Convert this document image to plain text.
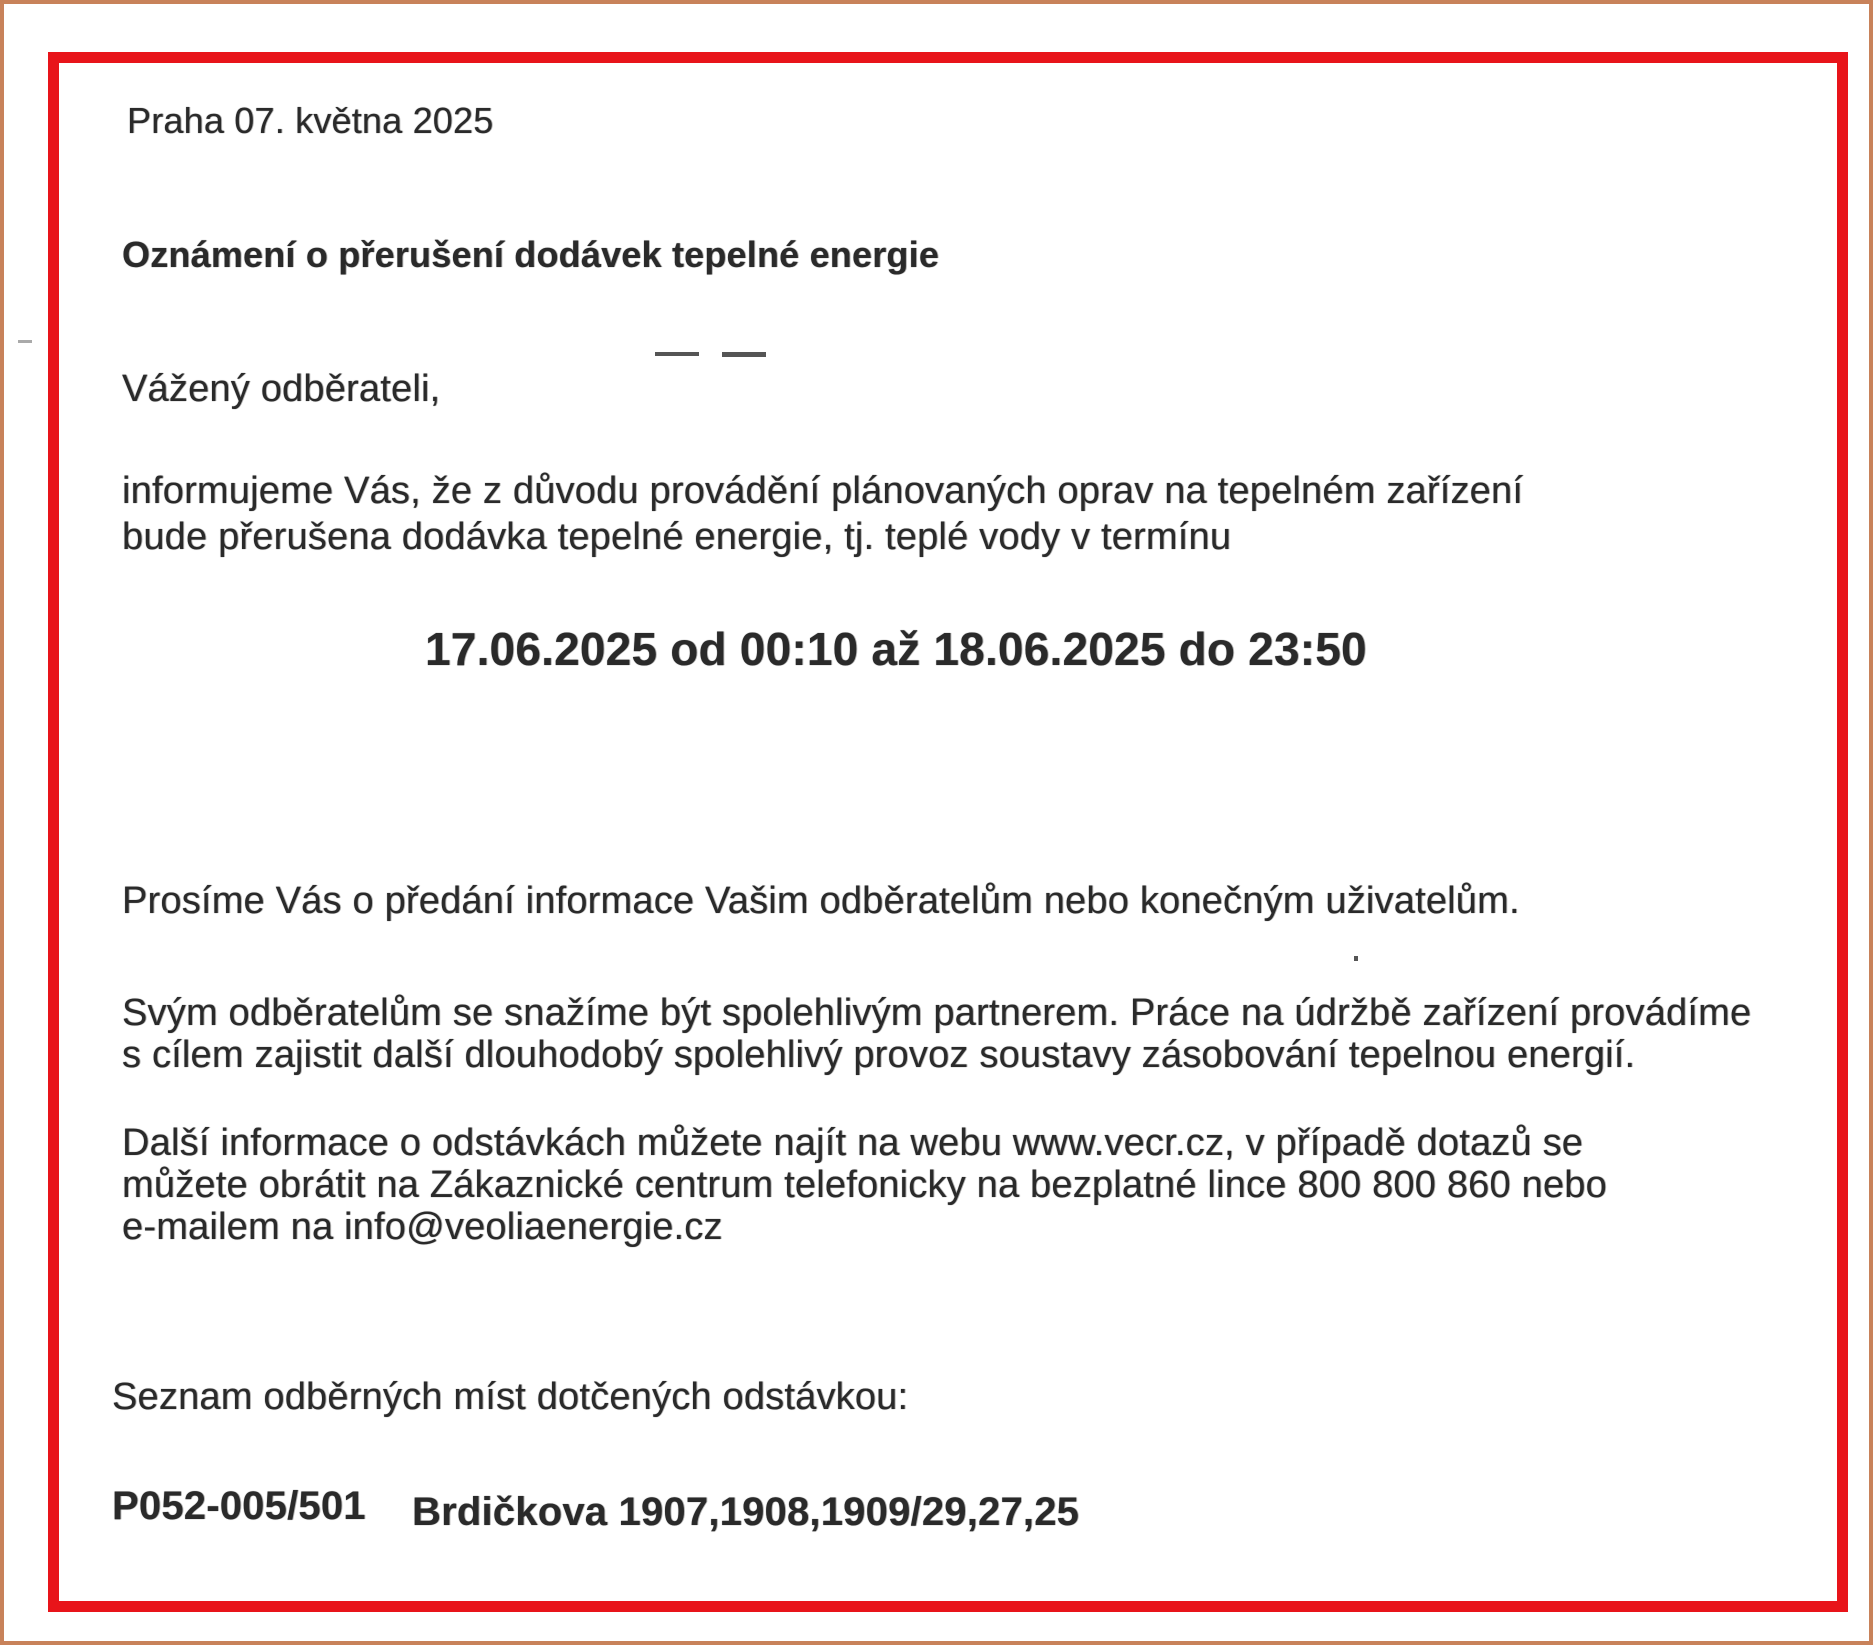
Praha 07. května 2025
Oznámení o přerušení dodávek tepelné energie
Vážený odběrateli,
informujeme Vás, že z důvodu provádění plánovaných oprav na tepelném zařízení
bude přerušena dodávka tepelné energie, tj. teplé vody v termínu
17.06.2025 od 00:10 až 18.06.2025 do 23:50
Prosíme Vás o předání informace Vašim odběratelům nebo konečným uživatelům.
Svým odběratelům se snažíme být spolehlivým partnerem. Práce na údržbě zařízení provádíme
s cílem zajistit další dlouhodobý spolehlivý provoz soustavy zásobování tepelnou energií.
Další informace o odstávkách můžete najít na webu www.vecr.cz, v případě dotazů se
můžete obrátit na Zákaznické centrum telefonicky na bezplatné lince 800 800 860 nebo
e-mailem na info@veoliaenergie.cz
Seznam odběrných míst dotčených odstávkou:
P052-005/501 Brdičkova 1907,1908,1909/29,27,25
